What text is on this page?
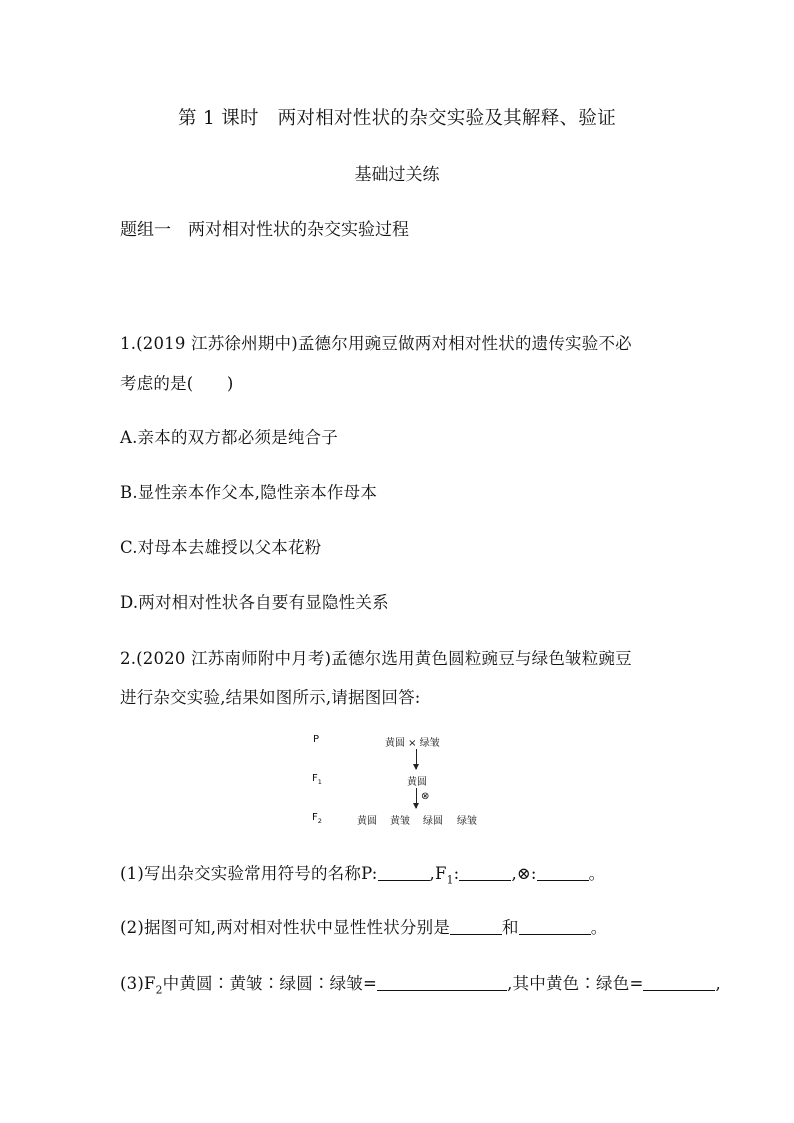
第 1 课时　两对相对性状的杂交实验及其解释、验证

基础过关练

题组一　两对相对性状的杂交实验过程

1.(2019 江苏徐州期中)孟德尔用豌豆做两对相对性状的遗传实验不必

考虑的是(　　)

A.亲本的双方都必须是纯合子

B.显性亲本作父本,隐性亲本作母本

C.对母本去雄授以父本花粉

D.两对相对性状各自要有显隐性关系

2.(2020 江苏南师附中月考)孟德尔选用黄色圆粒豌豆与绿色皱粒豌豆

进行杂交实验,结果如图所示,请据图回答:

P	黄圆 × 绿皱
$F_1$	黄圆
⊗
$F_2$	黄圆 黄皱 绿圆 绿皱

(1)写出杂交实验常用符号的名称P:	$,F_1$:	,⊗:	。

(2)据图可知,两对相对性状中显性性状分别是	和	。

$(3)F_2$中黄圆∶黄皱∶绿圆∶绿皱=	,其中黄色∶绿色=	,
